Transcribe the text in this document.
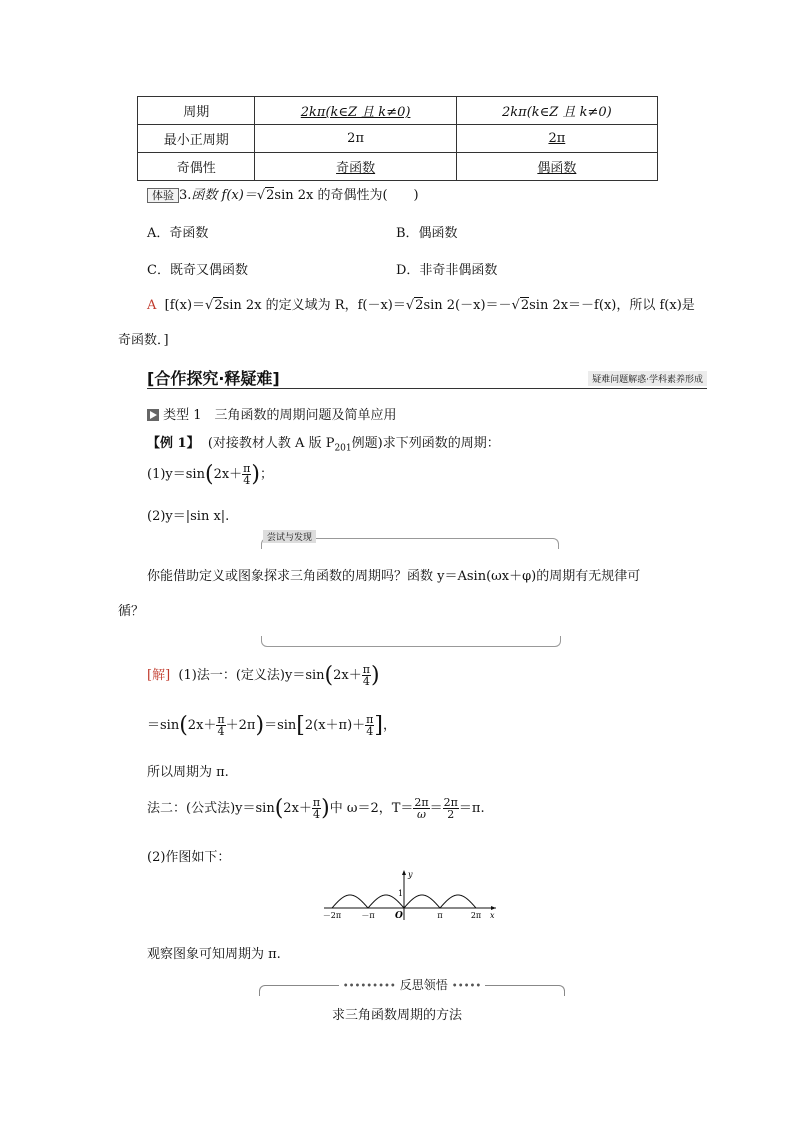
周期	2kπ(k∈Z 且 k≠0)	2kπ(k∈Z 且 k≠0)
最小正周期	2π	2π
奇偶性	奇函数	偶函数
体验 3.函数 f(x)＝√2sin 2x 的奇偶性为(　　)
A．奇函数	B．偶函数
C．既奇又偶函数	D．非奇非偶函数
A [f(x)＝√2sin 2x 的定义域为 R，f(－x)＝√2sin 2(－x)＝－√2sin 2x＝－f(x)，所以 f(x)是
奇函数．]
[合作探究·释疑难]	疑难问题解惑·学科素养形成
类型 1　三角函数的周期问题及简单应用
【例 1】 (对接教材人教 A 版 $P_{201}$例题)求下列函数的周期：
$(1)y=\sin(2x+ \frac{\pi}{4}$ )；
(2)y＝|sin x|.
尝试与发现
你能借助定义或图象探求三角函数的周期吗？函数 y＝Asin(ωx＋φ)的周期有无规律可
循？
[解] (1)法一：(定义法)$y=\sin(2x+ \frac{\pi}{4}$ )
$=\sin(2x+ \frac{\pi}{4} +2\pi)=\sin[2(x+\pi)+ \frac{\pi}{4}$ ]，
所以周期为 π.
法二：(公式法)$y=\sin(2x+ \frac{\pi}{4}$ )中 ω＝2，$T= \frac{2\pi}{\omega} = \frac{2\pi}{2} =\pi$.
(2)作图如下：
y
x
1
O
－2π	－π	π	2π
观察图象可知周期为 π.
••••••••• 反思领悟 •••••
求三角函数周期的方法
